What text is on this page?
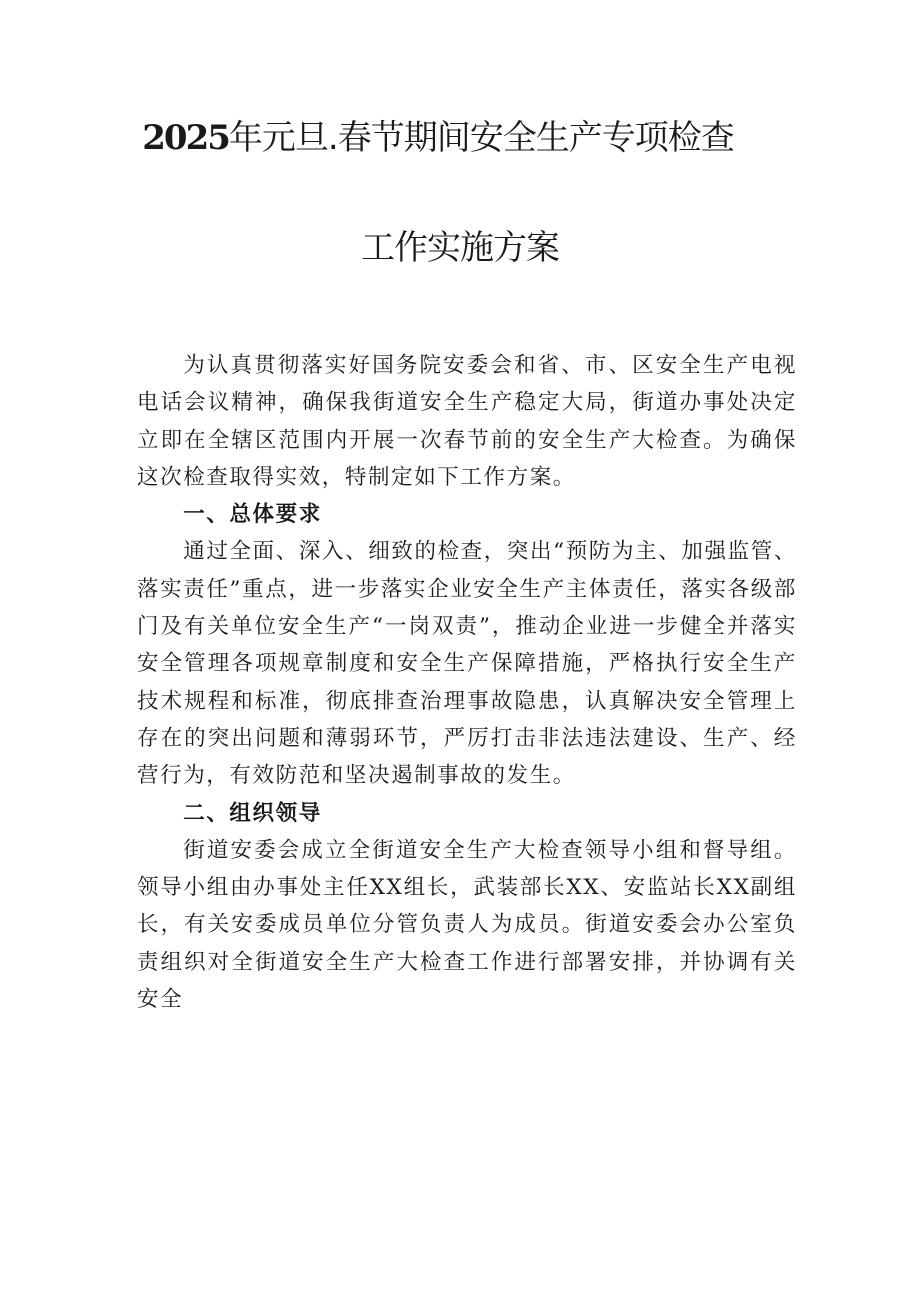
2025年元旦.春节期间安全生产专项检查
工作实施方案

为认真贯彻落实好国务院安委会和省、市、区安全生产电视电话会议精神，确保我街道安全生产稳定大局，街道办事处决定立即在全辖区范围内开展一次春节前的安全生产大检查。为确保这次检查取得实效，特制定如下工作方案。

一、总体要求

通过全面、深入、细致的检查，突出“预防为主、加强监管、落实责任”重点，进一步落实企业安全生产主体责任，落实各级部门及有关单位安全生产“一岗双责”，推动企业进一步健全并落实安全管理各项规章制度和安全生产保障措施，严格执行安全生产技术规程和标准，彻底排查治理事故隐患，认真解决安全管理上存在的突出问题和薄弱环节，严厉打击非法违法建设、生产、经营行为，有效防范和坚决遏制事故的发生。

二、组织领导

街道安委会成立全街道安全生产大检查领导小组和督导组。领导小组由办事处主任XX组长，武装部长XX、安监站长XX副组长，有关安委成员单位分管负责人为成员。街道安委会办公室负责组织对全街道安全生产大检查工作进行部署安排，并协调有关安全
